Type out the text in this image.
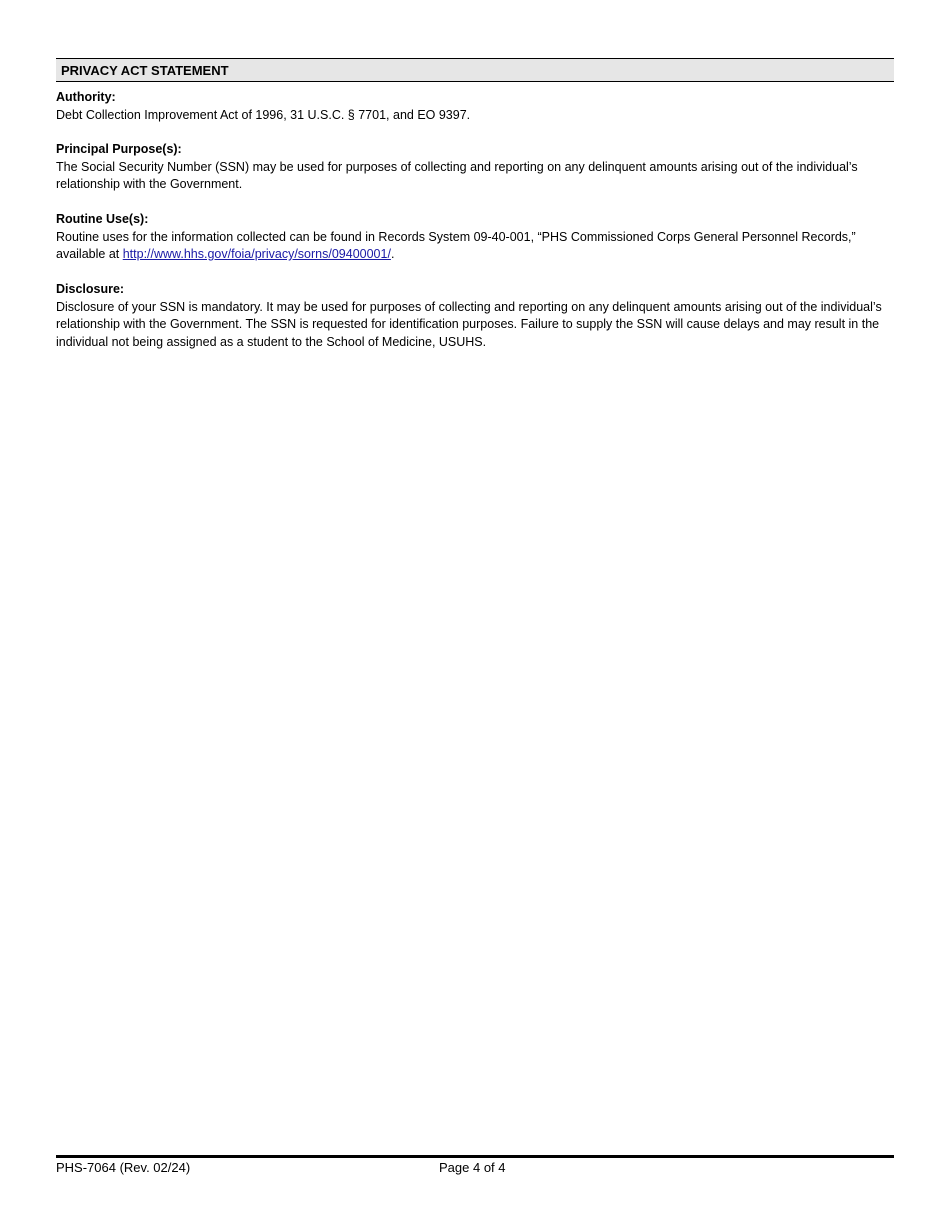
PRIVACY ACT STATEMENT
Authority:
Debt Collection Improvement Act of 1996, 31 U.S.C. § 7701, and EO 9397.
Principal Purpose(s):
The Social Security Number (SSN) may be used for purposes of collecting and reporting on any delinquent amounts arising out of the individual’s relationship with the Government.
Routine Use(s):
Routine uses for the information collected can be found in Records System 09-40-001, “PHS Commissioned Corps General Personnel Records,” available at http://www.hhs.gov/foia/privacy/sorns/09400001/.
Disclosure:
Disclosure of your SSN is mandatory. It may be used for purposes of collecting and reporting on any delinquent amounts arising out of the individual’s relationship with the Government. The SSN is requested for identification purposes. Failure to supply the SSN will cause delays and may result in the individual not being assigned as a student to the School of Medicine, USUHS.
PHS-7064 (Rev. 02/24)	Page 4 of 4
